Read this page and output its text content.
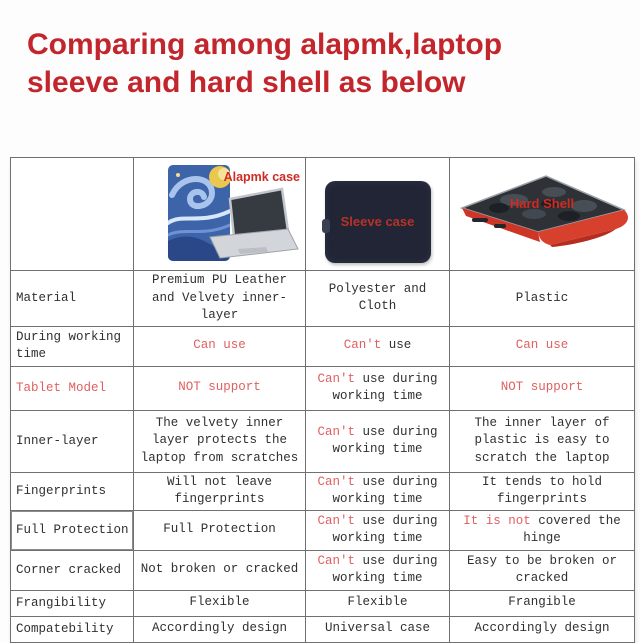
Comparing among alapmk,laptop
sleeve and hard shell as below

	Alapmk case	Sleeve case	Hard Shell

Material	Premium PU Leather and Velvety inner-layer	Polyester and Cloth	Plastic
During working time	Can use	Can't use	Can use
Tablet Model	NOT support	Can't use during working time	NOT support
Inner-layer	The velvety inner layer protects the laptop from scratches	Can't use during working time	The inner layer of plastic is easy to scratch the laptop
Fingerprints	Will not leave fingerprints	Can't use during working time	It tends to hold fingerprints
Full Protection	Full Protection	Can't use during working time	It is not covered the hinge
Corner cracked	Not broken or cracked	Can't use during working time	Easy to be broken or cracked
Frangibility	Flexible	Flexible	Frangible
Compatebility	Accordingly design	Universal case	Accordingly design
